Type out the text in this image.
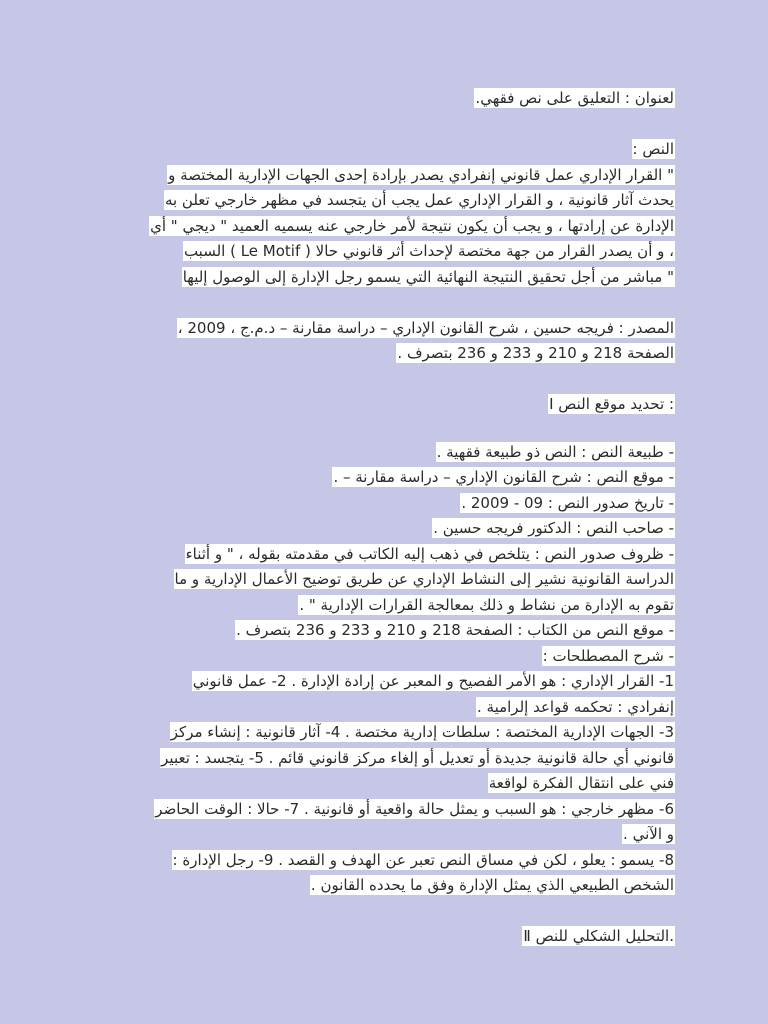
لعنوان : التعليق على نص فقهي.
النص :
" القرار الإداري عمل قانوني إنفرادي يصدر بإرادة إحدى الجهات الإدارية المختصة و
يحدث آثار قانونية ، و القرار الإداري عمل يجب أن يتجسد في مظهر خارجي تعلن به
الإدارة عن إرادتها ، و يجب أن يكون نتيجة لأمر خارجي عنه يسميه العميد " ديجي " أي
، و أن يصدر القرار من جهة مختصة لإحداث أثر قانوني حالا ( Le Motif ) السبب
" مباشر من أجل تحقيق النتيجة النهائية التي يسمو رجل الإدارة إلى الوصول إليها
المصدر : فريجه حسين ، شرح القانون الإداري – دراسة مقارنة – د.م.ج ، 2009 ،
الصفحة 218 و 210 و 233 و 236 بتصرف .
Ⅰ تحديد موقع النص :
- طبيعة النص : النص ذو طبيعة فقهية .
- موقع النص : شرح القانون الإداري – دراسة مقارنة – .
- تاريخ صدور النص : 09 - 2009 .
- صاحب النص : الدكتور فريجه حسين .
- ظروف صدور النص : يتلخص في ذهب إليه الكاتب في مقدمته بقوله ، " و أثناء
الدراسة القانونية نشير إلى النشاط الإداري عن طريق توضيح الأعمال الإدارية و ما
تقوم به الإدارة من نشاط و ذلك بمعالجة القرارات الإدارية " .
- موقع النص من الكتاب : الصفحة 218 و 210 و 233 و 236 بتصرف .
- شرح المصطلحات :
1- القرار الإداري : هو الأمر الفصيح و المعبر عن إرادة الإدارة . 2- عمل قانوني
إنفرادي : تحكمه قواعد إلرامية .
3- الجهات الإدارية المختصة : سلطات إدارية مختصة . 4- آثار قانونية : إنشاء مركز
قانوني أي حالة قانونية جديدة أو تعديل أو إلغاء مركز قانوني قائم . 5- يتجسد : تعبير
فني على انتقال الفكرة لواقعة
6- مظهر خارجي : هو السبب و يمثل حالة واقعية أو قانونية . 7- حالا : الوقت الحاضر
و الآني .
8- يسمو : يعلو ، لكن في مساق النص تعبر عن الهدف و القصد . 9- رجل الإدارة :
الشخص الطبيعي الذي يمثل الإدارة وفق ما يحدده القانون .
Ⅱ التحليل الشكلي للنص.
